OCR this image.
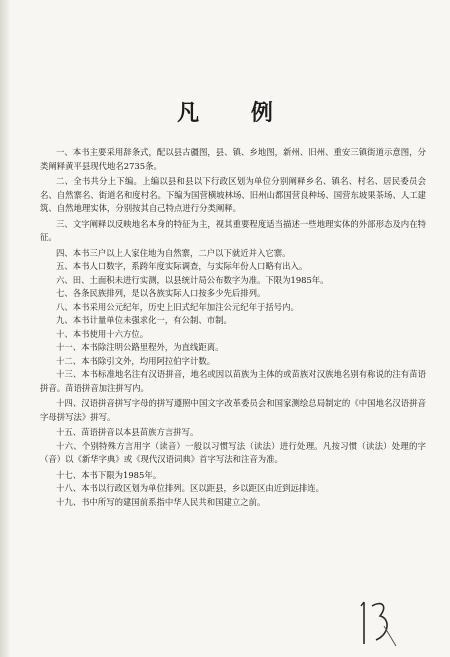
凡 例

一、本书主要采用辞条式，配以县古疆图，县、镇、乡地图，新州、旧州、重安三镇街道示意图，分类阐释黄平县现代地名2735条。

二、全书共分上下编。上编以县和县以下行政区划为单位分别阐释乡名、镇名、村名、居民委员会名、自然寨名、街道名和度村名。下编为国营横坡林场、旧州山都国营良种场、国营东坡果茶场、人工建筑、自然地理实体，分别按其自己特点进行分类阐释。

三、文字阐释以反映地名本身的特征为主，视其重要程度适当描述一些地理实体的外部形态及内在特征。

四、本书三户以上人家住地为自然寨，二户以下就近并入它寨。

五、本书人口数字，系跨年度实际调查，与实际年份人口略有出入。

六、田、土面积未进行实测，以县统计局公布数字为准。下限为1985年。

七、各条民族排列，是以各族实际人口按多少先后排列。

八、本书采用公元纪年，历史上旧式纪年加注公元纪年于括号内。

九、本书计量单位未强求化一，有公制、市制。

十、本书使用十六方位。

十一、本书除注明公路里程外，为直线距离。

十二、本书除引文外，均用阿拉伯字计数。

十三、本书标准地名注有汉语拼音，地名或因以苗族为主体的或苗族对汉族地名别有称说的注有苗语拼音。苗语拼音加注拼写内。

十四、汉语拼音拼写字母的拼写遵照中国文字改革委员会和国家测绘总局制定的《中国地名汉语拼音字母拼写法》拼写。

十五、苗语拼音以本县苗族方言拼写。

十六、个别特殊方言用字（读音）一般以习惯写法（读法）进行处理。凡按习惯（读法）处理的字（音）以《新华字典》或《现代汉语词典》首字写法和注音为准。

十七、本书下限为1985年。

十八、本书以行政区划为单位排列。区以距县，乡以距区由近到远排连。

十九、书中所写的建国前系指中华人民共和国建立之前。
